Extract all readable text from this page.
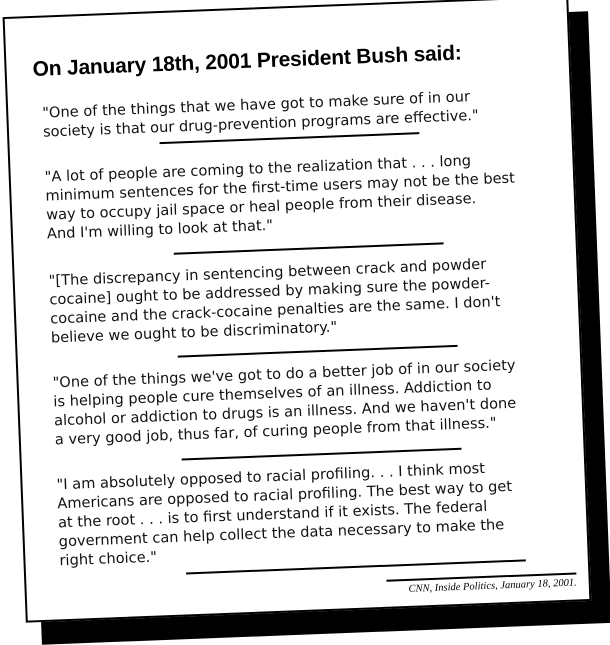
On January 18th, 2001 President Bush said:

"One of the things that we have got to make sure of in our
society is that our drug-prevention programs are effective."

"A lot of people are coming to the realization that . . . long
minimum sentences for the first-time users may not be the best
way to occupy jail space or heal people from their disease.
And I'm willing to look at that."

"[The discrepancy in sentencing between crack and powder
cocaine] ought to be addressed by making sure the powder-
cocaine and the crack-cocaine penalties are the same. I don't
believe we ought to be discriminatory."

"One of the things we've got to do a better job of in our society
is helping people cure themselves of an illness. Addiction to
alcohol or addiction to drugs is an illness. And we haven't done
a very good job, thus far, of curing people from that illness."

"I am absolutely opposed to racial profiling. . . I think most
Americans are opposed to racial profiling. The best way to get
at the root . . . is to first understand if it exists. The federal
government can help collect the data necessary to make the
right choice."

CNN, Inside Politics, January 18, 2001.
